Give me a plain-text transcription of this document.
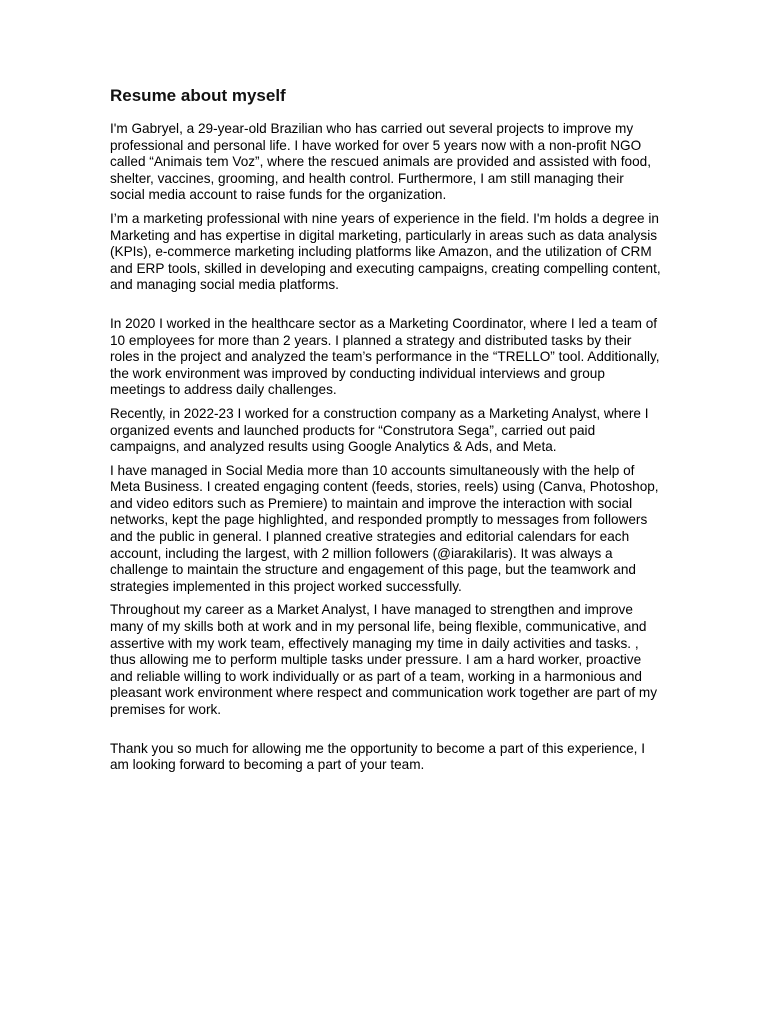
Resume about myself

I'm Gabryel, a 29-year-old Brazilian who has carried out several projects to improve my professional and personal life. I have worked for over 5 years now with a non-profit NGO called “Animais tem Voz”, where the rescued animals are provided and assisted with food, shelter, vaccines, grooming, and health control. Furthermore, I am still managing their social media account to raise funds for the organization.

I’m a marketing professional with nine years of experience in the field. I'm holds a degree in Marketing and has expertise in digital marketing, particularly in areas such as data analysis (KPIs), e-commerce marketing including platforms like Amazon, and the utilization of CRM and ERP tools, skilled in developing and executing campaigns, creating compelling content, and managing social media platforms.

In 2020 I worked in the healthcare sector as a Marketing Coordinator, where I led a team of 10 employees for more than 2 years. I planned a strategy and distributed tasks by their roles in the project and analyzed the team’s performance in the “TRELLO” tool. Additionally, the work environment was improved by conducting individual interviews and group meetings to address daily challenges.

Recently, in 2022-23 I worked for a construction company as a Marketing Analyst, where I organized events and launched products for “Construtora Sega”, carried out paid campaigns, and analyzed results using Google Analytics & Ads, and Meta.

I have managed in Social Media more than 10 accounts simultaneously with the help of Meta Business. I created engaging content (feeds, stories, reels) using (Canva, Photoshop, and video editors such as Premiere) to maintain and improve the interaction with social networks, kept the page highlighted, and responded promptly to messages from followers and the public in general. I planned creative strategies and editorial calendars for each account, including the largest, with 2 million followers (@iarakilaris). It was always a challenge to maintain the structure and engagement of this page, but the teamwork and strategies implemented in this project worked successfully.

Throughout my career as a Market Analyst, I have managed to strengthen and improve many of my skills both at work and in my personal life, being flexible, communicative, and assertive with my work team, effectively managing my time in daily activities and tasks. , thus allowing me to perform multiple tasks under pressure. I am a hard worker, proactive and reliable willing to work individually or as part of a team, working in a harmonious and pleasant work environment where respect and communication work together are part of my premises for work.

Thank you so much for allowing me the opportunity to become a part of this experience, I am looking forward to becoming a part of your team.
